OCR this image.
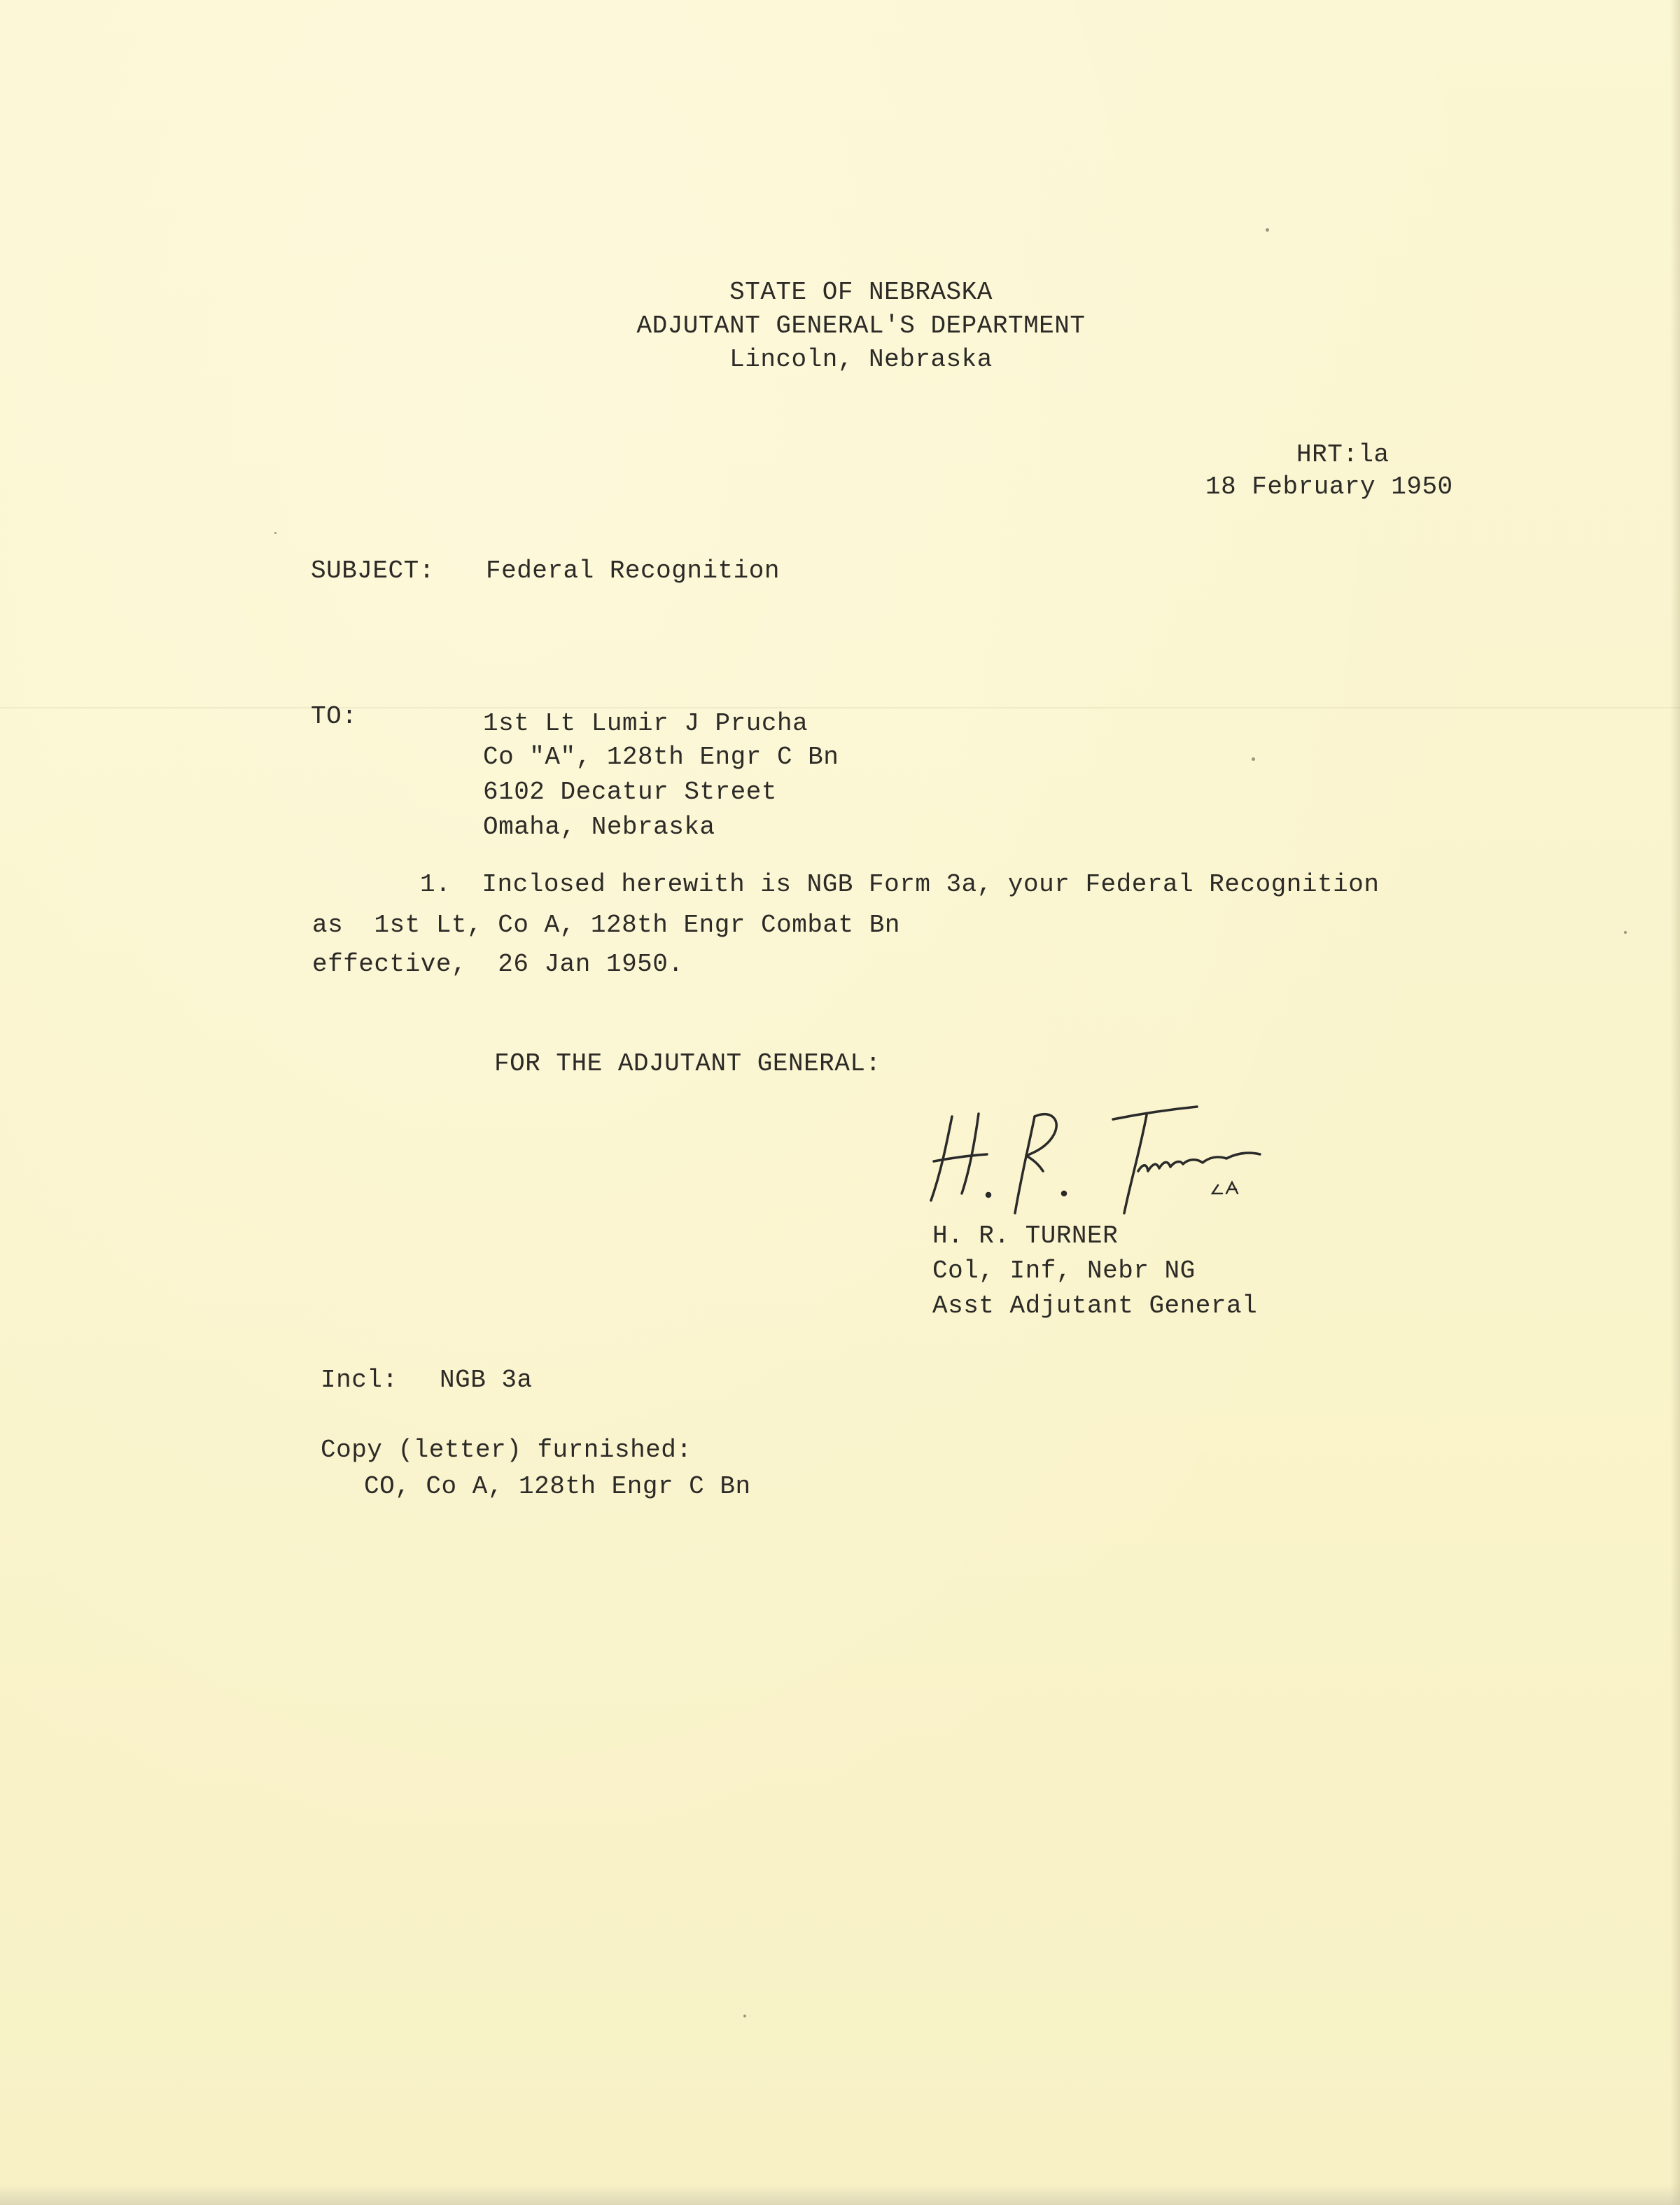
STATE OF NEBRASKA
ADJUTANT GENERAL'S DEPARTMENT
Lincoln, Nebraska
HRT:la
18 February 1950
SUBJECT: Federal Recognition
TO:	1st Lt Lumir J Prucha
Co "A", 128th Engr C Bn
6102 Decatur Street
Omaha, Nebraska
1.  Inclosed herewith is NGB Form 3a, your Federal Recognition
as  1st Lt, Co A, 128th Engr Combat Bn
effective,  26 Jan 1950.
FOR THE ADJUTANT GENERAL:
H. R. TURNER
Col, Inf, Nebr NG
Asst Adjutant General
Incl: NGB 3a
Copy (letter) furnished:
CO, Co A, 128th Engr C Bn
